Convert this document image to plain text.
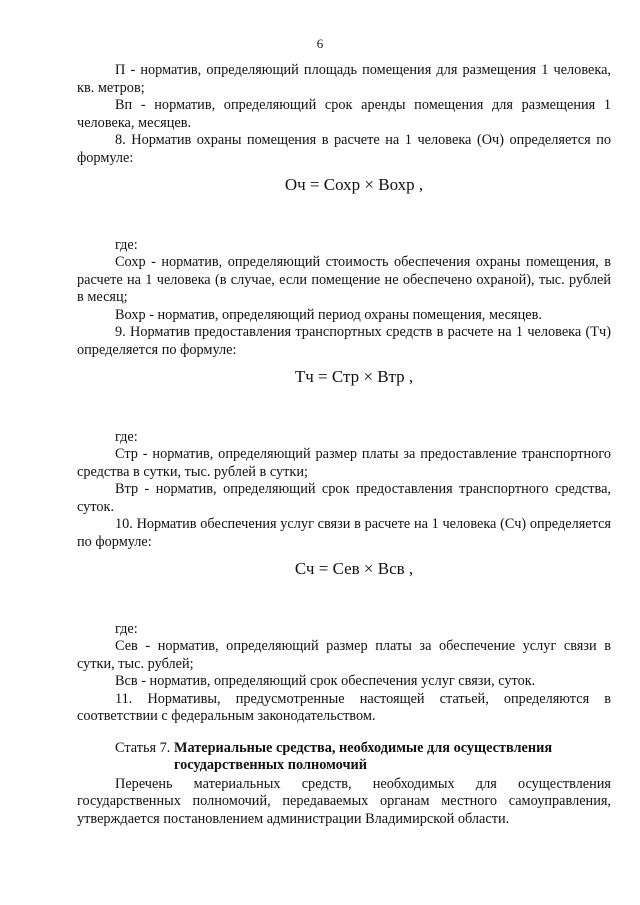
6

П - норматив, определяющий площадь помещения для размещения 1 человека, кв. метров;

Вп - норматив, определяющий срок аренды помещения для размещения 1 человека, месяцев.

8. Норматив охраны помещения в расчете на 1 человека (Оч) определяется по формуле:

Оч = Сохр × Вохр ,

где:

Сохр - норматив, определяющий стоимость обеспечения охраны помещения, в расчете на 1 человека (в случае, если помещение не обеспечено охраной), тыс. рублей в месяц;

Вохр - норматив, определяющий период охраны помещения, месяцев.

9. Норматив предоставления транспортных средств в расчете на 1 человека (Тч) определяется по формуле:

Тч = Стр × Втр ,

где:

Стр - норматив, определяющий размер платы за предоставление транспортного средства в сутки, тыс. рублей в сутки;

Втр - норматив, определяющий срок предоставления транспортного средства, суток.

10. Норматив обеспечения услуг связи в расчете на 1 человека (Сч) определяется по формуле:

Сч = Сев × Всв ,

где:

Сев - норматив, определяющий размер платы за обеспечение услуг связи в сутки, тыс. рублей;

Всв - норматив, определяющий срок обеспечения услуг связи, суток.

11. Нормативы, предусмотренные настоящей статьей, определяются в соответствии с федеральным законодательством.

Статья 7. Материальные средства, необходимые для осуществления
государственных полномочий

Перечень материальных средств, необходимых для осуществления государственных полномочий, передаваемых органам местного самоуправления, утверждается постановлением администрации Владимирской области.
